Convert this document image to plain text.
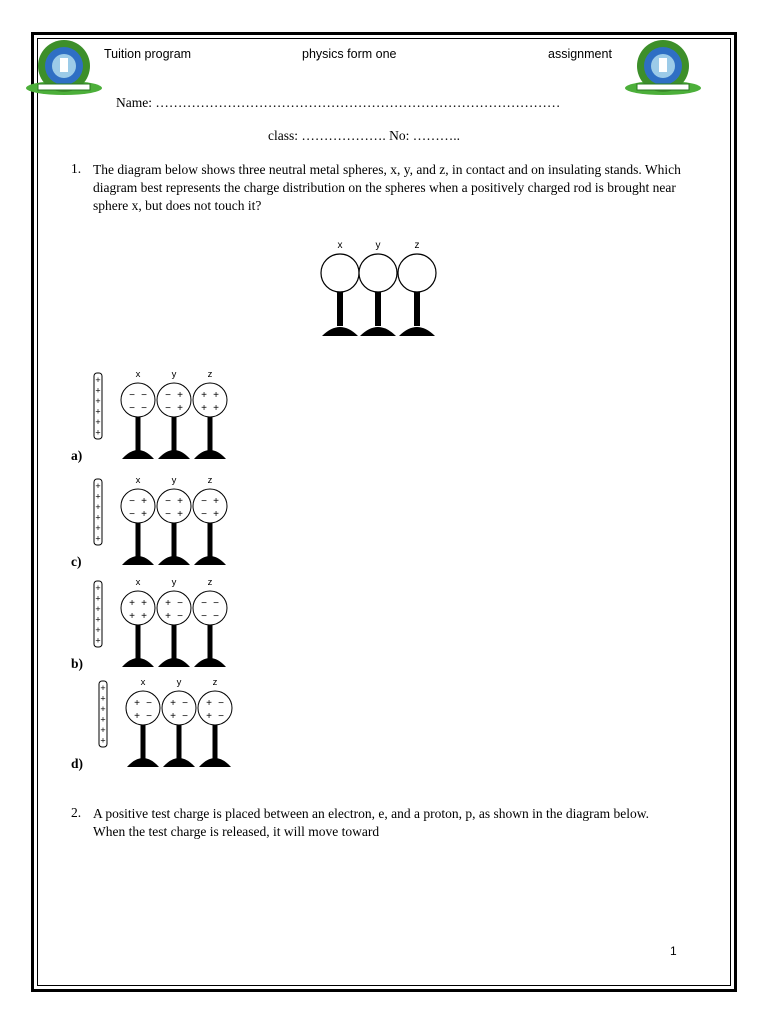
Tuition program	physics form one	assignment
Name: ………………………………………………………………………………
class: ………………. No: ………..
1. The diagram below shows three neutral metal spheres, x, y, and z, in contact and on insulating stands. Which diagram best represents the charge distribution on the spheres when a positively charged rod is brought near sphere x, but does not touch it?
x	y	z
+
+
+
+
+
+
x
− −
− −
y
− +
− +
z
+ +
+ +
a)
+
+
+
+
+
+
x
− +
− +
y
− +
− +
z
− +
− +
c)
+
+
+
+
+
+
x
+ +
+ +
y
+ −
+ −
z
− −
− −
b)
+
+
+
+
+
+
x
+ −
+ −
y
+ −
+ −
z
+ −
+ −
d)
2. A positive test charge is placed between an electron, e, and a proton, p, as shown in the diagram below. When the test charge is released, it will move toward
1
